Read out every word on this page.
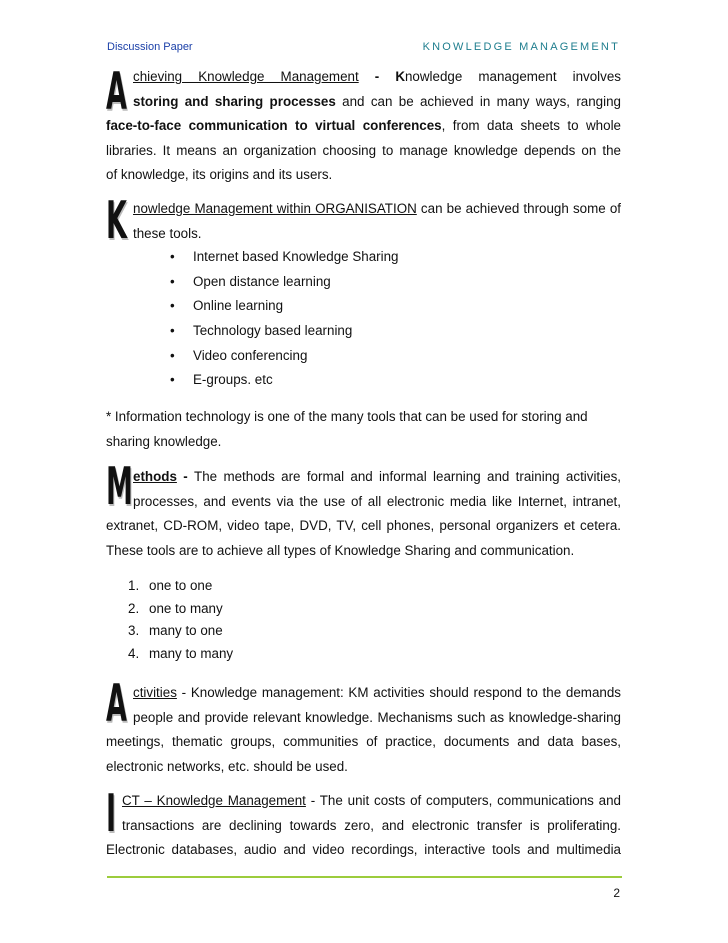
Discussion Paper	KNOWLEDGE MANAGEMENT
A chieving Knowledge Management - Knowledge management involves
storing and sharing processes and can be achieved in many ways, ranging
face-to-face communication to virtual conferences, from data sheets to whole
libraries. It means an organization choosing to manage knowledge depends on the
of knowledge, its origins and its users.
K nowledge Management within ORGANISATION can be achieved through some of
these tools.
• Internet based Knowledge Sharing
• Open distance learning
• Online learning
• Technology based learning
• Video conferencing
• E-groups. etc
* Information technology is one of the many tools that can be used for storing and
sharing knowledge.
M ethods - The methods are formal and informal learning and training activities,
processes, and events via the use of all electronic media like Internet, intranet,
extranet, CD-ROM, video tape, DVD, TV, cell phones, personal organizers et cetera.
These tools are to achieve all types of Knowledge Sharing and communication.
1. one to one
2. one to many
3. many to one
4. many to many
A ctivities - Knowledge management: KM activities should respond to the demands
people and provide relevant knowledge. Mechanisms such as knowledge-sharing
meetings, thematic groups, communities of practice, documents and data bases,
electronic networks, etc. should be used.
I CT – Knowledge Management - The unit costs of computers, communications and
transactions are declining towards zero, and electronic transfer is proliferating.
Electronic databases, audio and video recordings, interactive tools and multimedia
2
